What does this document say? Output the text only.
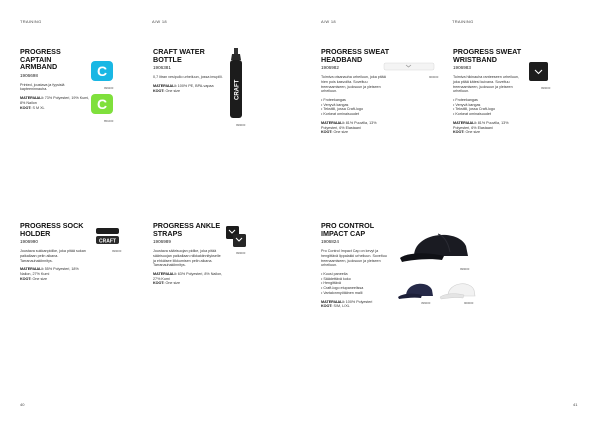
TRAINING	A/W 18
PROGRESS CAPTAIN ARMBAND
1906698
Printed, joustava ja fyysisiä kapteeninnauha.
MATERIAALI: 73% Polyesteri, 19% Kumi, 8% Nailon
KOOT: S M XL
C
999200
C
851000
CRAFT WATER BOTTLE
1906381
0,7 litran vesipullo urheiluun, jossa imupilli.
MATERIAALI: 100% PE, BPA-vapaa
KOOT: One size	CRAFT
999000
PROGRESS SOCK HOLDER
1906990
Joustava sukkanpidike, joka pitää sukan paikallaan pelin aikana. Tarranauhakiinnitys.
MATERIAALI: 55% Polyesteri, 18% Nailon, 27% Kumi
KOOT: One size
CRAFT
999000
PROGRESS ANKLE STRAPS
1906989
Joustava säärisuojan pidike, joka pitää säärisuojan paikallaan nilkkakiinnitykselle ja ehkäisee liikkumisen pelin aikana. Tarranauhakiinnitys.
MATERIAALI: 63% Polyesteri, 8% Nailon, 27% Kumi
KOOT: One size
999000
40
A/W 18	TRAINING
PROGRESS SWEAT HEADBAND
1906982
Toimiva otsanauha urheiluun, joka pitää hien pois kasvoilta. Soveltuu treenaamiseen, juoksuun ja yleiseen urheiluun.
• Froteekangas
• Venyvä kangas
• Tekstiili, jossa Craft-logo
• Korkeat ominaisuudet
MATERIAALI: 81% Puuvilla, 13% Polyesteri, 6% Elastaani
KOOT: One size
900000
PROGRESS SWEAT WRISTBAND
1906983
Toimiva hikinauha ranteeseen urheiluun, joka pitää kätesi kuivana. Soveltuu treenaamiseen, juoksuun ja yleiseen urheiluun.
• Froteekangas
• Venyvä kangas
• Tekstiili, jossa Craft-logo
• Korkeat ominaisuudet
MATERIAALI: 81% Puuvilla, 13% Polyesteri, 6% Elastaani
KOOT: One size
999000
PRO CONTROL IMPACT CAP
1906824
Pro Control Impact Cap on kevyt ja hengittävä lippalakki urheiluun. Soveltuu treenaamiseen, juoksuun ja yleiseen urheiluun.
• Kuusi paneelia
• Säädettävä koko
• Hengittävä
• Craft-logo etupaneelissa
• Vartalonmyötäinen malli
MATERIAALI: 100% Polyesteri
KOOT: S/M, L/XL
999000
396000	900000
41
